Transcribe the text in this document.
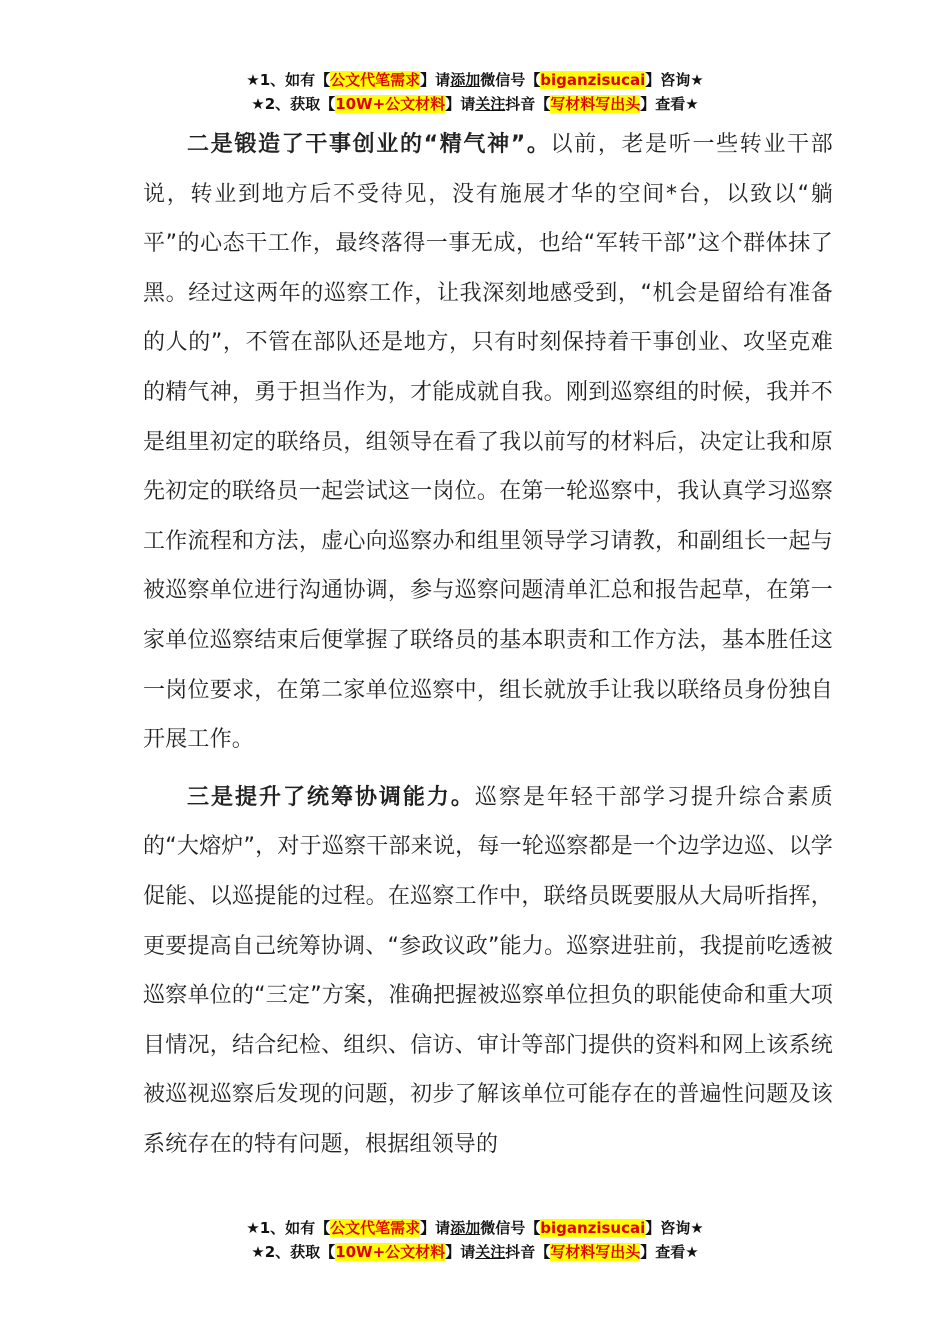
★1、如有【公文代笔需求】请添加微信号【biganzisucai】咨询★
★2、获取【10W+公文材料】请关注抖音【写材料写出头】查看★

二是锻造了干事创业的“精气神”。以前，老是听一些转业干部说，转业到地方后不受待见，没有施展才华的空间*台，以致以“躺平”的心态干工作，最终落得一事无成，也给“军转干部”这个群体抹了黑。经过这两年的巡察工作，让我深刻地感受到，“机会是留给有准备的人的”，不管在部队还是地方，只有时刻保持着干事创业、攻坚克难的精气神，勇于担当作为，才能成就自我。刚到巡察组的时候，我并不是组里初定的联络员，组领导在看了我以前写的材料后，决定让我和原先初定的联络员一起尝试这一岗位。在第一轮巡察中，我认真学习巡察工作流程和方法，虚心向巡察办和组里领导学习请教，和副组长一起与被巡察单位进行沟通协调，参与巡察问题清单汇总和报告起草，在第一家单位巡察结束后便掌握了联络员的基本职责和工作方法，基本胜任这一岗位要求，在第二家单位巡察中，组长就放手让我以联络员身份独自开展工作。

三是提升了统筹协调能力。巡察是年轻干部学习提升综合素质的“大熔炉”，对于巡察干部来说，每一轮巡察都是一个边学边巡、以学促能、以巡提能的过程。在巡察工作中，联络员既要服从大局听指挥，更要提高自己统筹协调、“参政议政”能力。巡察进驻前，我提前吃透被巡察单位的“三定”方案，准确把握被巡察单位担负的职能使命和重大项目情况，结合纪检、组织、信访、审计等部门提供的资料和网上该系统被巡视巡察后发现的问题，初步了解该单位可能存在的普遍性问题及该系统存在的特有问题，根据组领导的

★1、如有【公文代笔需求】请添加微信号【biganzisucai】咨询★
★2、获取【10W+公文材料】请关注抖音【写材料写出头】查看★
